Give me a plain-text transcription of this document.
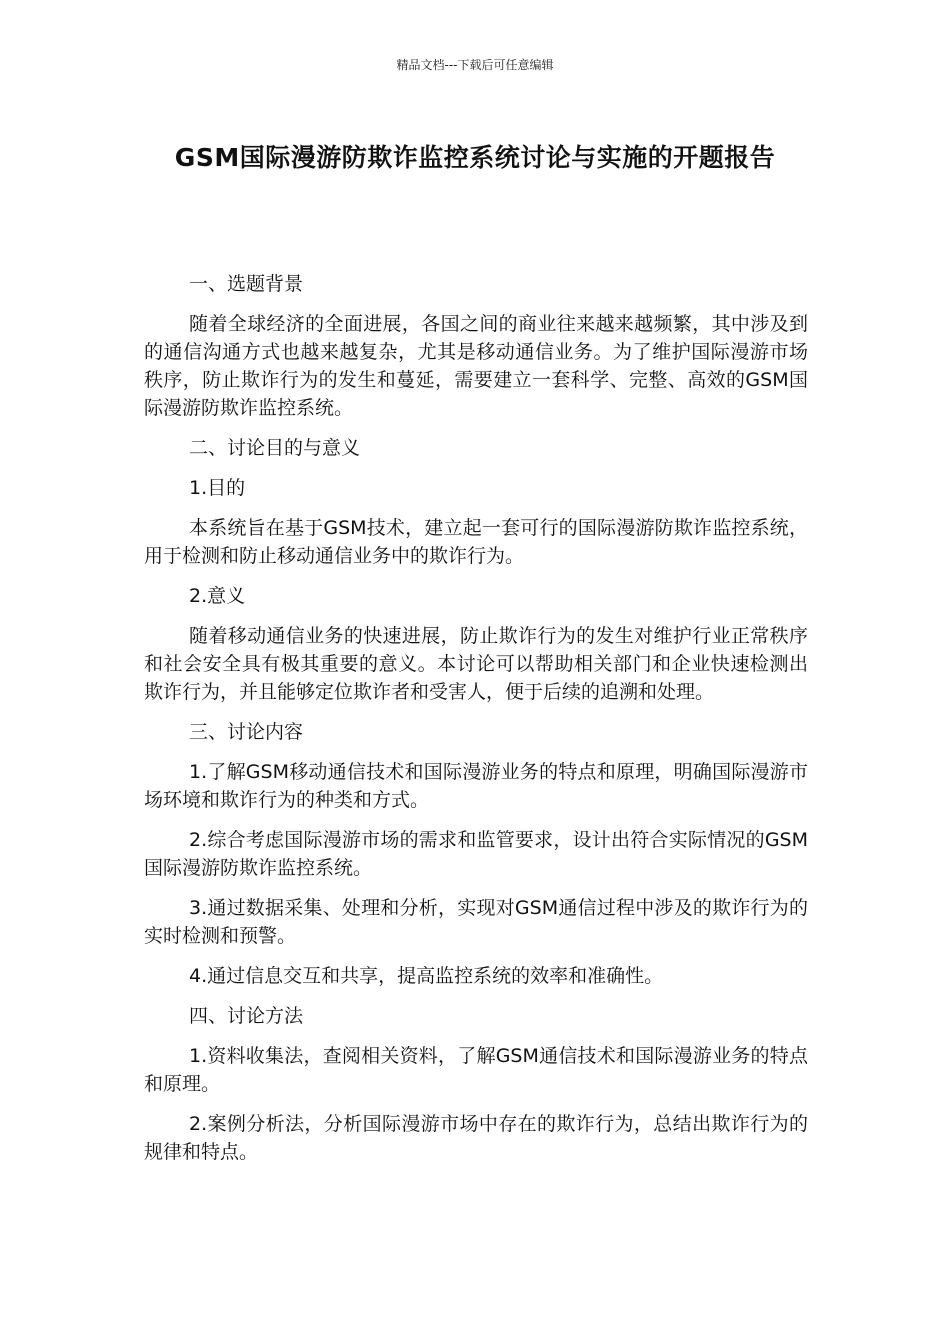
精品文档---下载后可任意编辑
GSM国际漫游防欺诈监控系统讨论与实施的开题报告

一、选题背景

随着全球经济的全面进展，各国之间的商业往来越来越频繁，其中涉及到的通信沟通方式也越来越复杂，尤其是移动通信业务。为了维护国际漫游市场秩序，防止欺诈行为的发生和蔓延，需要建立一套科学、完整、高效的GSM国际漫游防欺诈监控系统。

二、讨论目的与意义

1.目的

本系统旨在基于GSM技术，建立起一套可行的国际漫游防欺诈监控系统，用于检测和防止移动通信业务中的欺诈行为。

2.意义

随着移动通信业务的快速进展，防止欺诈行为的发生对维护行业正常秩序和社会安全具有极其重要的意义。本讨论可以帮助相关部门和企业快速检测出欺诈行为，并且能够定位欺诈者和受害人，便于后续的追溯和处理。

三、讨论内容

1.了解GSM移动通信技术和国际漫游业务的特点和原理，明确国际漫游市场环境和欺诈行为的种类和方式。

2.综合考虑国际漫游市场的需求和监管要求，设计出符合实际情况的GSM国际漫游防欺诈监控系统。

3.通过数据采集、处理和分析，实现对GSM通信过程中涉及的欺诈行为的实时检测和预警。

4.通过信息交互和共享，提高监控系统的效率和准确性。

四、讨论方法

1.资料收集法，查阅相关资料，了解GSM通信技术和国际漫游业务的特点和原理。

2.案例分析法，分析国际漫游市场中存在的欺诈行为，总结出欺诈行为的规律和特点。
